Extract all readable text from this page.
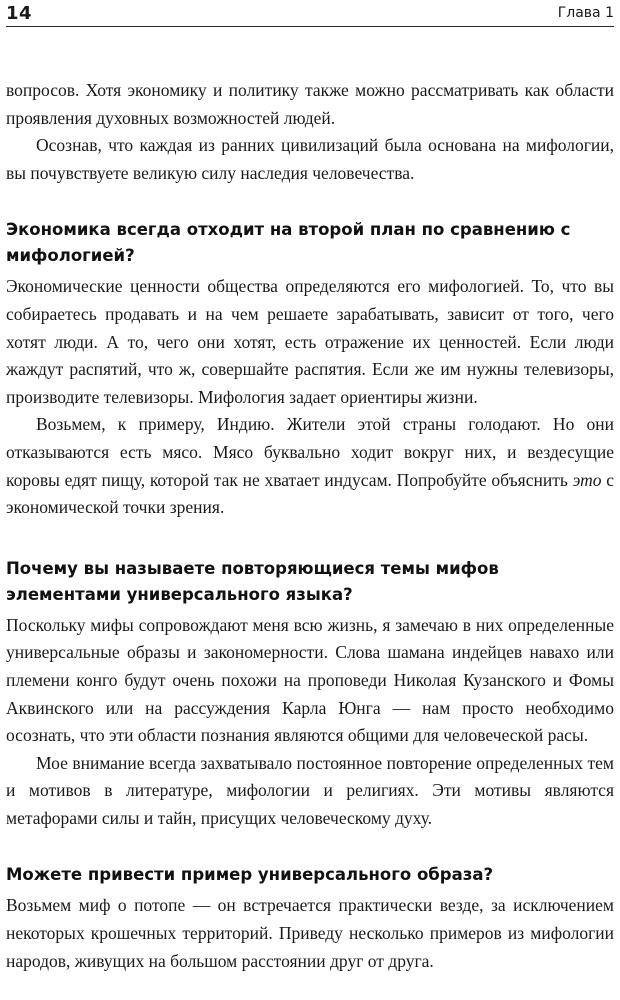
14	Глава 1

вопросов. Хотя экономику и политику также можно рассматривать как области проявления духовных возможностей людей.

Осознав, что каждая из ранних цивилизаций была основана на мифологии, вы почувствуете великую силу наследия человечества.

Экономика всегда отходит на второй план по сравнению с мифологией?

Экономические ценности общества определяются его мифологией. То, что вы собираетесь продавать и на чем решаете зарабатывать, зависит от того, чего хотят люди. А то, чего они хотят, есть отражение их ценностей. Если люди жаждут распятий, что ж, совершайте распятия. Если же им нужны телевизоры, производите телевизоры. Мифология задает ориентиры жизни.

Возьмем, к примеру, Индию. Жители этой страны голодают. Но они отказываются есть мясо. Мясо буквально ходит вокруг них, и вездесущие коровы едят пищу, которой так не хватает индусам. Попробуйте объяснить это с экономической точки зрения.

Почему вы называете повторяющиеся темы мифов элементами универсального языка?

Поскольку мифы сопровождают меня всю жизнь, я замечаю в них определенные универсальные образы и закономерности. Слова шамана индейцев навахо или племени конго будут очень похожи на проповеди Николая Кузанского и Фомы Аквинского или на рассуждения Карла Юнга — нам просто необходимо осознать, что эти области познания являются общими для человеческой расы.

Мое внимание всегда захватывало постоянное повторение определенных тем и мотивов в литературе, мифологии и религиях. Эти мотивы являются метафорами силы и тайн, присущих человеческому духу.

Можете привести пример универсального образа?

Возьмем миф о потопе — он встречается практически везде, за исключением некоторых крошечных территорий. Приведу несколько примеров из мифологии народов, живущих на большом расстоянии друг от друга.
